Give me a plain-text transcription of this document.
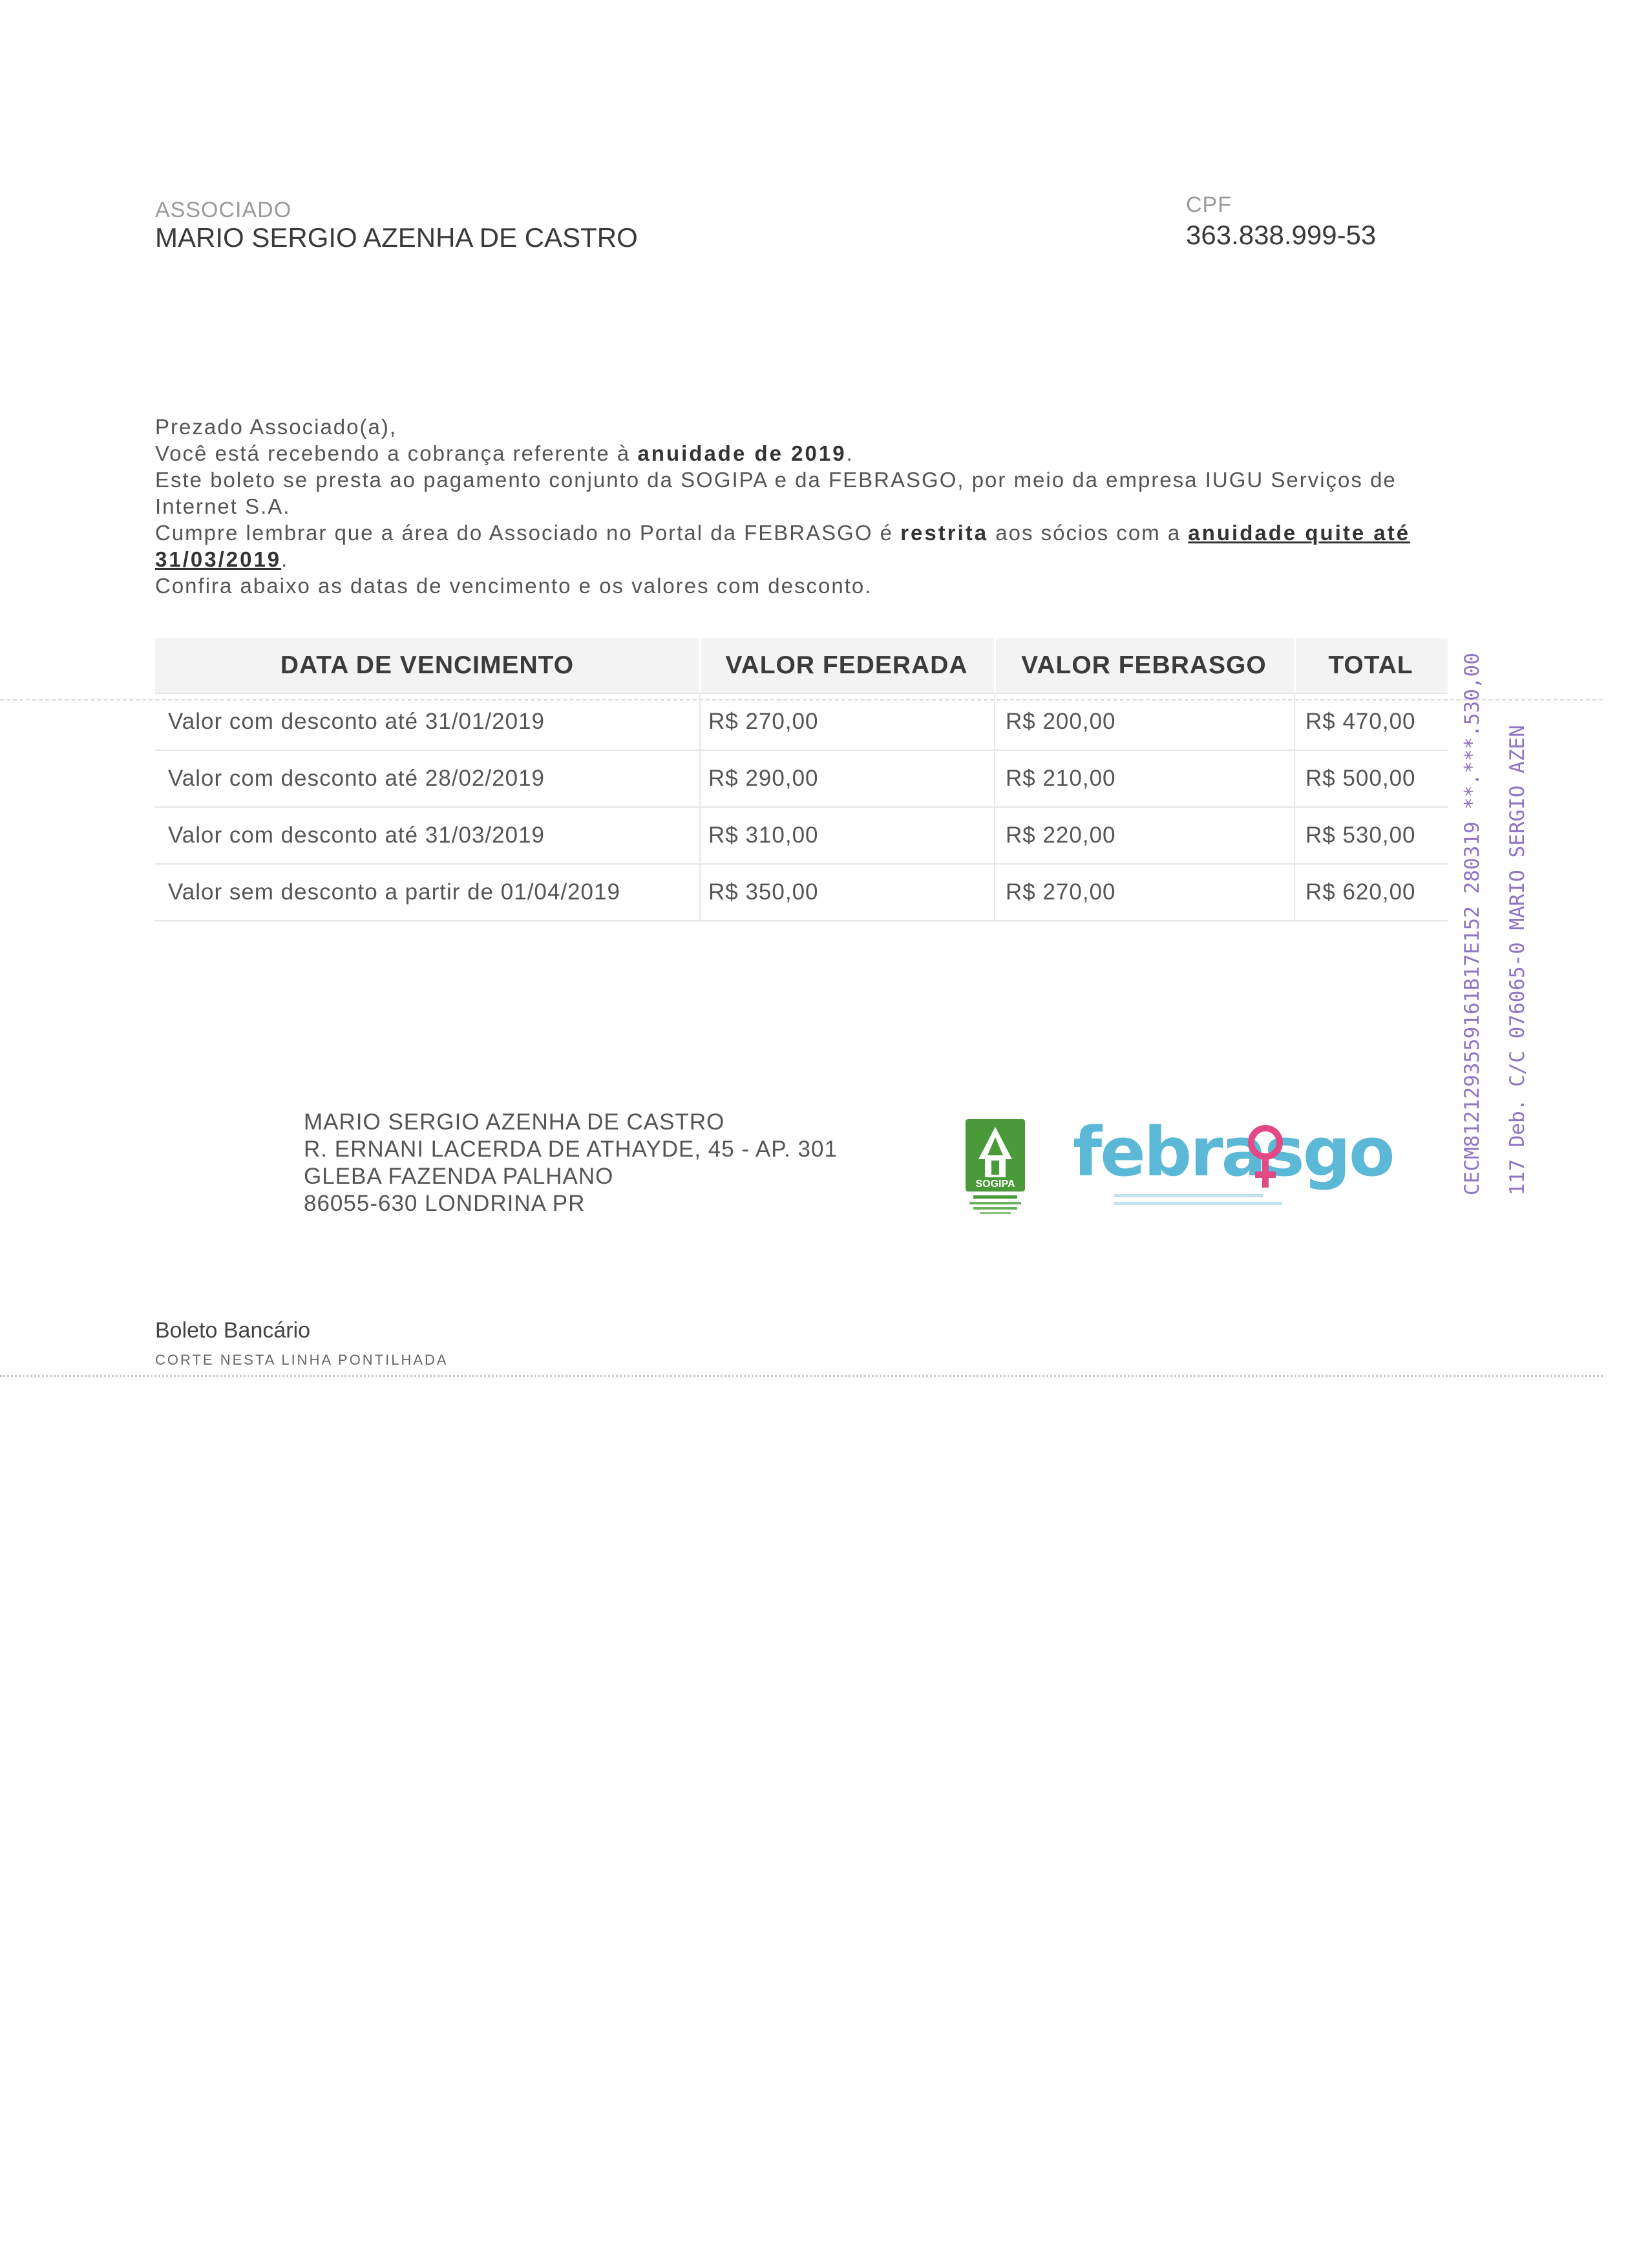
ASSOCIADO
MARIO SERGIO AZENHA DE CASTRO
CPF
363.838.999-53
Prezado Associado(a),
Você está recebendo a cobrança referente à anuidade de 2019.
Este boleto se presta ao pagamento conjunto da SOGIPA e da FEBRASGO, por meio da empresa IUGU Serviços de
Internet S.A.
Cumpre lembrar que a área do Associado no Portal da FEBRASGO é restrita aos sócios com a anuidade quite até
31/03/2019.
Confira abaixo as datas de vencimento e os valores com desconto.
DATA DE VENCIMENTO	VALOR FEDERADA	VALOR FEBRASGO	TOTAL
Valor com desconto até 31/01/2019	R$ 270,00	R$ 200,00	R$ 470,00
Valor com desconto até 28/02/2019	R$ 290,00	R$ 210,00	R$ 500,00
Valor com desconto até 31/03/2019	R$ 310,00	R$ 220,00	R$ 530,00
Valor sem desconto a partir de 01/04/2019	R$ 350,00	R$ 270,00	R$ 620,00
MARIO SERGIO AZENHA DE CASTRO
R. ERNANI LACERDA DE ATHAYDE, 45 - AP. 301
GLEBA FAZENDA PALHANO
86055-630 LONDRINA PR
SOGIPA febrasgo	CECM8121293559161B17E152 280319 **.***.530,00 117 Deb. C/C 076065-0 MARIO SERGIO AZEN
Boleto Bancário
CORTE NESTA LINHA PONTILHADA
